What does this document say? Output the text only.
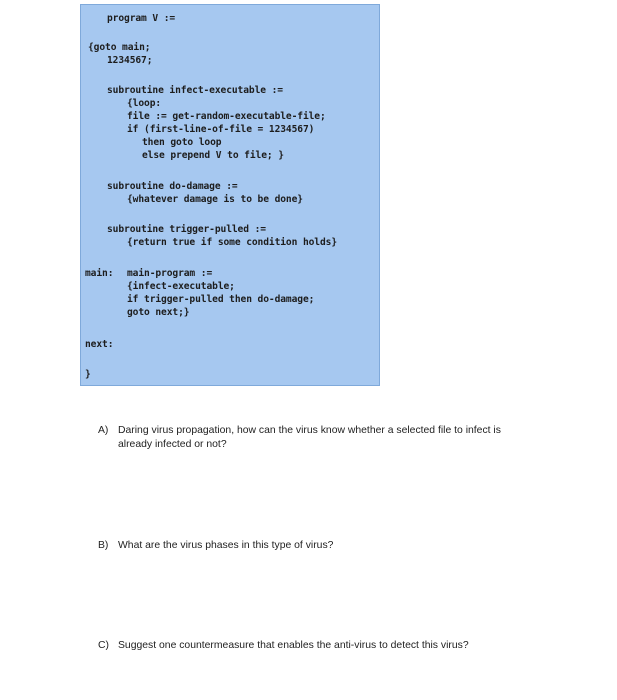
program V :=
{goto main;
1234567;
subroutine infect-executable :=
{loop:
file := get-random-executable-file;
if (first-line-of-file = 1234567)
then goto loop
else prepend V to file; }
subroutine do-damage :=
{whatever damage is to be done}
subroutine trigger-pulled :=
{return true if some condition holds}
main: main-program :=
{infect-executable;
if trigger-pulled then do-damage;
goto next;}
next:
}
A) Daring virus propagation, how can the virus know whether a selected file to infect is
already infected or not?
B) What are the virus phases in this type of virus?
C) Suggest one countermeasure that enables the anti-virus to detect this virus?
